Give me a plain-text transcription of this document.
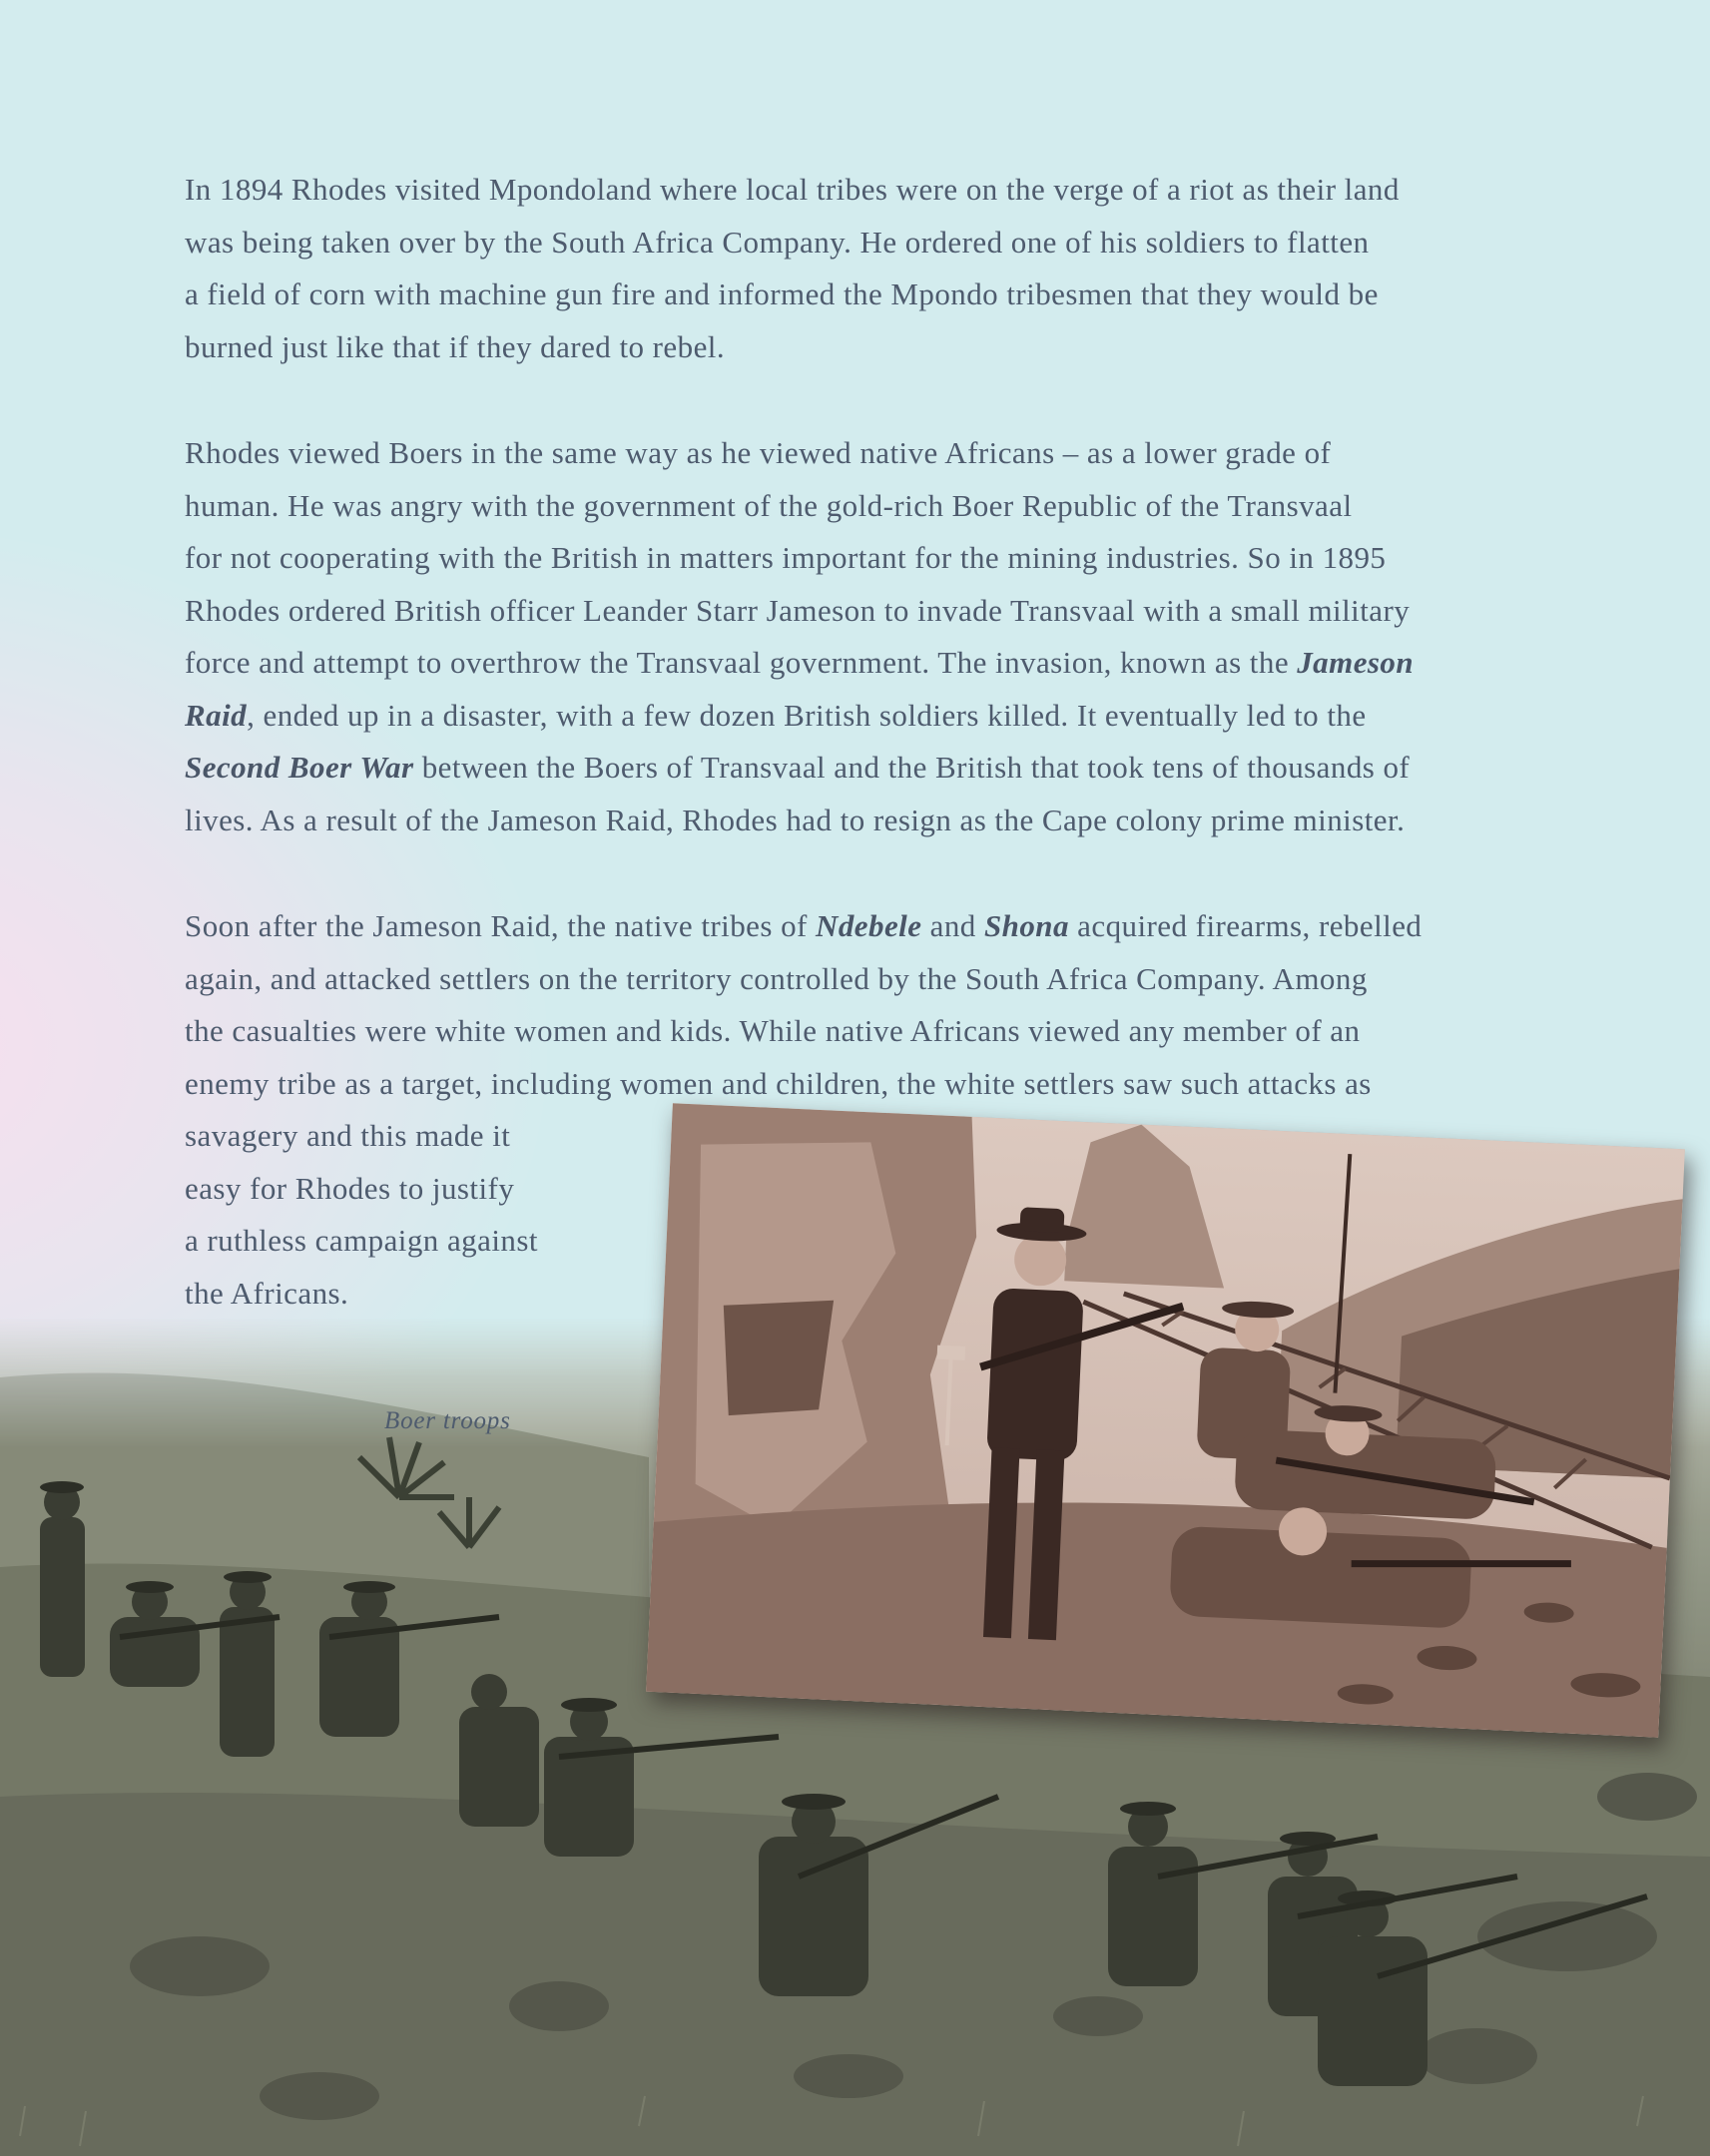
In 1894 Rhodes visited Mpondoland where local tribes were on the verge of a riot as their land
was being taken over by the South Africa Company. He ordered one of his soldiers to flatten
a field of corn with machine gun fire and informed the Mpondo tribesmen that they would be
burned just like that if they dared to rebel.

Rhodes viewed Boers in the same way as he viewed native Africans – as a lower grade of
human. He was angry with the government of the gold-rich Boer Republic of the Transvaal
for not cooperating with the British in matters important for the mining industries. So in 1895
Rhodes ordered British officer Leander Starr Jameson to invade Transvaal with a small military
force and attempt to overthrow the Transvaal government. The invasion, known as the Jameson
Raid, ended up in a disaster, with a few dozen British soldiers killed. It eventually led to the
Second Boer War between the Boers of Transvaal and the British that took tens of thousands of
lives. As a result of the Jameson Raid, Rhodes had to resign as the Cape colony prime minister.

Soon after the Jameson Raid, the native tribes of Ndebele and Shona acquired firearms, rebelled
again, and attacked settlers on the territory controlled by the South Africa Company. Among
the casualties were white women and kids. While native Africans viewed any member of an
enemy tribe as a target, including women and children, the white settlers saw such attacks as
savagery and this made it
easy for Rhodes to justify
a ruthless campaign against
the Africans.

Boer troops
